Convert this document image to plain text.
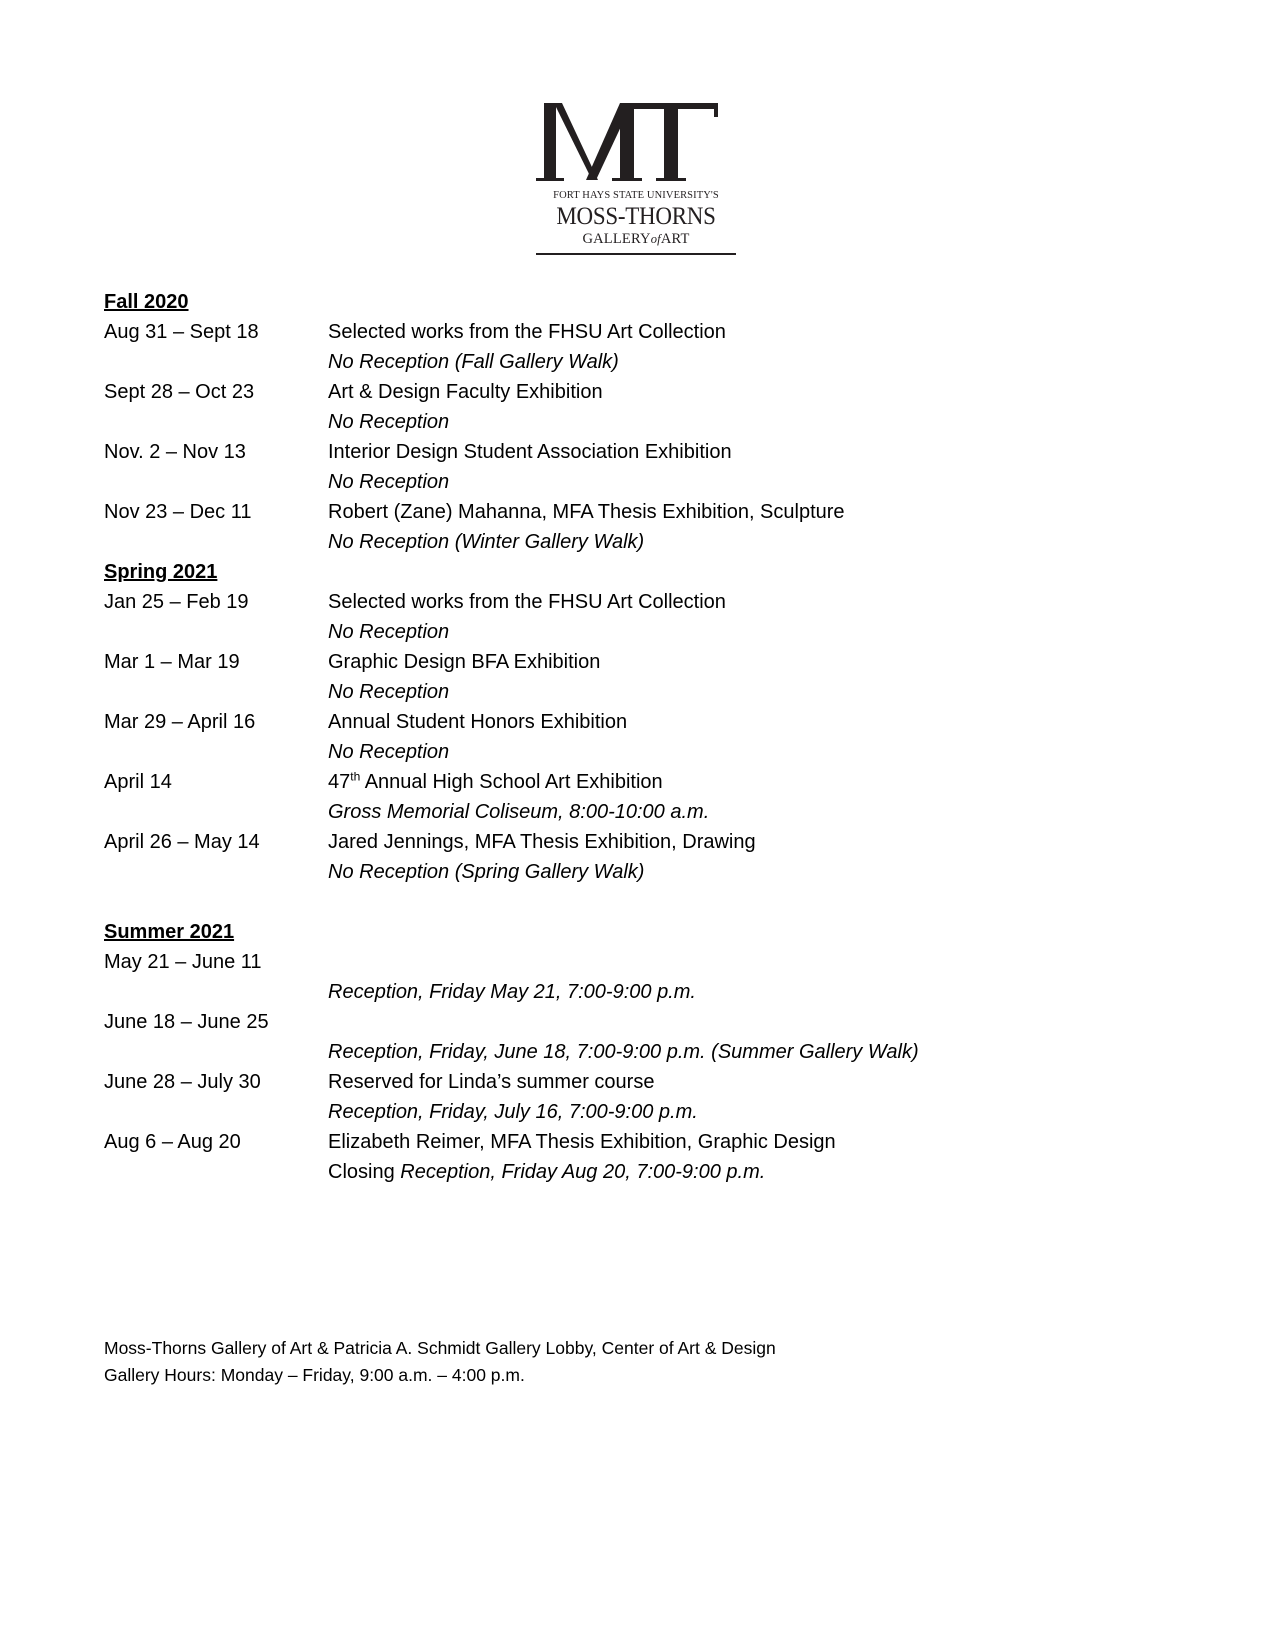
FORT HAYS STATE UNIVERSITY'S
MOSS-THORNS
GALLERYofART
Fall 2020
Aug 31 – Sept 18	Selected works from the FHSU Art Collection
No Reception (Fall Gallery Walk)
Sept 28 – Oct 23	Art & Design Faculty Exhibition
No Reception
Nov. 2 – Nov 13	Interior Design Student Association Exhibition
No Reception
Nov 23 – Dec 11	Robert (Zane) Mahanna, MFA Thesis Exhibition, Sculpture
No Reception (Winter Gallery Walk)
Spring 2021
Jan 25 – Feb 19	Selected works from the FHSU Art Collection
No Reception
Mar 1 – Mar 19	Graphic Design BFA Exhibition
No Reception
Mar 29 – April 16	Annual Student Honors Exhibition
No Reception
April 14	47th Annual High School Art Exhibition
Gross Memorial Coliseum, 8:00-10:00 a.m.
April 26 – May 14	Jared Jennings, MFA Thesis Exhibition, Drawing
No Reception (Spring Gallery Walk)
Summer 2021
May 21 – June 11
Reception, Friday May 21, 7:00-9:00 p.m.
June 18 – June 25
Reception, Friday, June 18, 7:00-9:00 p.m. (Summer Gallery Walk)
June 28 – July 30	Reserved for Linda’s summer course
Reception, Friday, July 16, 7:00-9:00 p.m.
Aug 6 – Aug 20	Elizabeth Reimer, MFA Thesis Exhibition, Graphic Design
Closing Reception, Friday Aug 20, 7:00-9:00 p.m.
Moss-Thorns Gallery of Art & Patricia A. Schmidt Gallery Lobby, Center of Art & Design
Gallery Hours: Monday – Friday, 9:00 a.m. – 4:00 p.m.
